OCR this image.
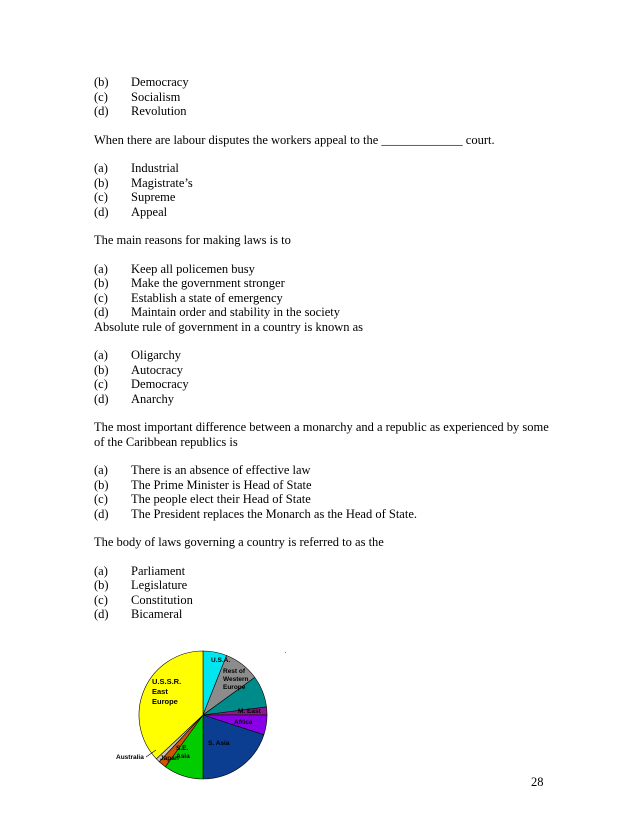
(b)	Democracy
(c)	Socialism
(d)	Revolution
When there are labour disputes the workers appeal to the _____________ court.
(a)	Industrial
(b)	Magistrate’s
(c)	Supreme
(d)	Appeal
The main reasons for making laws is to
(a)	Keep all policemen busy
(b)	Make the government stronger
(c)	Establish a state of emergency
(d)	Maintain order and stability in the society
Absolute rule of government in a country is known as
(a)	Oligarchy
(b)	Autocracy
(c)	Democracy
(d)	Anarchy
The most important difference between a monarchy and a republic as experienced by some of the Caribbean republics is
(a)	There is an absence of effective law
(b)	The Prime Minister is Head of State
(c)	The people elect their Head of State
(d)	The President replaces the Monarch as the Head of State.
The body of laws governing a country is referred to as the
(a)	Parliament
(b)	Legislature
(c)	Constitution
(d)	Bicameral
U.S.A.
Rest of Western Europe
M. East
Africa
S. Asia
S.E. Asia
Japan
Australia
U.S.S.R. East Europe
28
